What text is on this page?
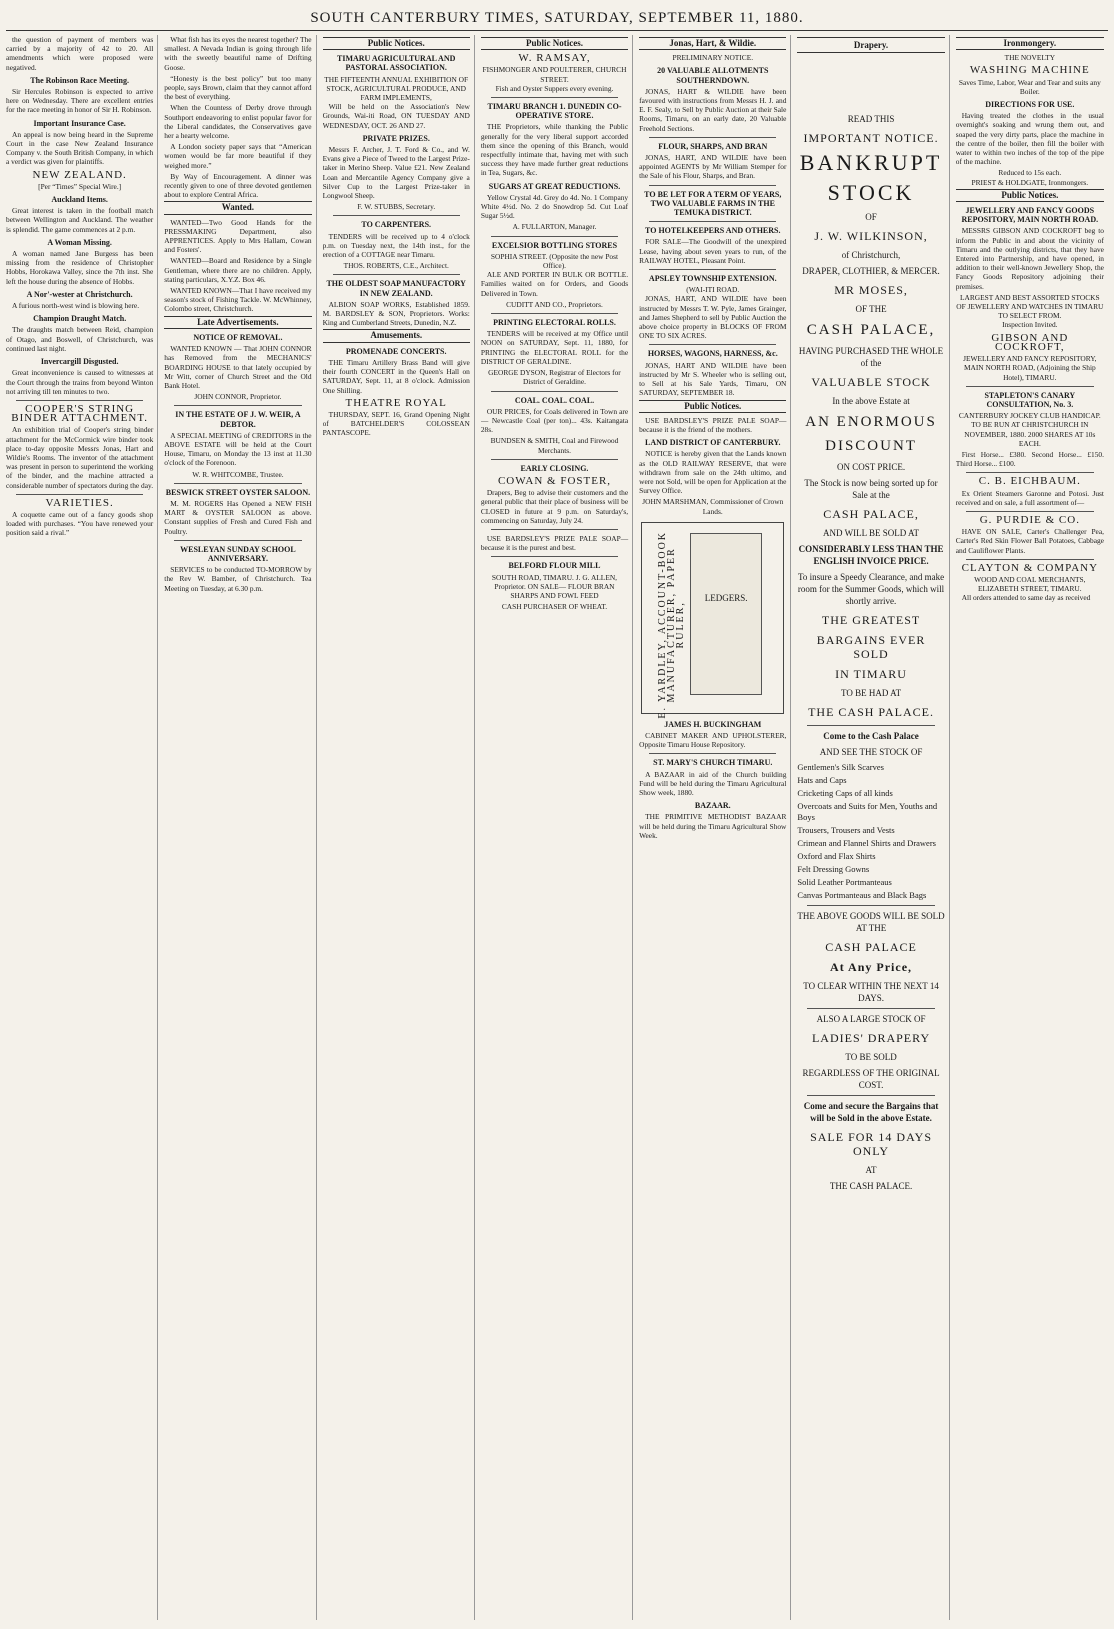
SOUTH CANTERBURY TIMES, SATURDAY, SEPTEMBER 11, 1880.

the question of payment of members was carried by a majority of 42 to 20. All amendments which were proposed were negatived.

The Robinson Race Meeting.

Sir Hercules Robinson is expected to arrive here on Wednesday. There are excellent entries for the race meeting in honor of Sir H. Robinson.

Important Insurance Case.

An appeal is now being heard in the Supreme Court in the case New Zealand Insurance Company v. the South British Company, in which a verdict was given for plaintiffs.

NEW ZEALAND.
[Per “Times” Special Wire.]
Auckland Items.

Great interest is taken in the football match between Wellington and Auckland. The weather is splendid. The game commences at 2 p.m.

A Woman Missing.

A woman named Jane Burgess has been missing from the residence of Christopher Hobbs, Horokawa Valley, since the 7th inst. She left the house during the absence of Hobbs.

A Nor'-wester at Christchurch.

A furious north-west wind is blowing here.

Champion Draught Match.

The draughts match between Reid, champion of Otago, and Boswell, of Christchurch, was continued last night.

Invercargill Disgusted.

Great inconvenience is caused to witnesses at the Court through the trains from beyond Winton not arriving till ten minutes to two.

COOPER'S STRING BINDER ATTACHMENT.

An exhibition trial of Cooper's string binder attachment for the McCormick wire binder took place to-day opposite Messrs Jonas, Hart and Wildie's Rooms. The inventor of the attachment was present in person to superintend the working of the binder, and the machine attracted a considerable number of spectators during the day.

VARIETIES.

A coquette came out of a fancy goods shop loaded with purchases. “You have renewed your position said a rival.”

What fish has its eyes the nearest together? The smallest. A Nevada Indian is going through life with the sweetly beautiful name of Drifting Goose.

“Honesty is the best policy” but too many people, says Brown, claim that they cannot afford the best of everything.

When the Countess of Derby drove through Southport endeavoring to enlist popular favor for the Liberal candidates, the Conservatives gave her a hearty welcome.

A London society paper says that “American women would be far more beautiful if they weighed more.”

By Way of Encouragement. A dinner was recently given to one of three devoted gentlemen about to explore Central Africa.

Wanted.

WANTED—Two Good Hands for the PRESSMAKING Department, also APPRENTICES. Apply to Mrs Hallam, Cowan and Fosters'.

WANTED—Board and Residence by a Single Gentleman, where there are no children. Apply, stating particulars, X.Y.Z. Box 46.

WANTED KNOWN—That I have received my season's stock of Fishing Tackle. W. McWhinney, Colombo street, Christchurch.

Late Advertisements.
NOTICE OF REMOVAL.

WANTED KNOWN — That JOHN CONNOR has Removed from the MECHANICS' BOARDING HOUSE to that lately occupied by Mr Witt, corner of Church Street and the Old Bank Hotel.

JOHN CONNOR, Proprietor.
IN THE ESTATE OF J. W. WEIR, A DEBTOR.

A SPECIAL MEETING of CREDITORS in the ABOVE ESTATE will be held at the Court House, Timaru, on Monday the 13 inst at 11.30 o'clock of the Forenoon.

W. R. WHITCOMBE, Trustee.
BESWICK STREET OYSTER SALOON.

M. M. ROGERS Has Opened a NEW FISH MART & OYSTER SALOON as above. Constant supplies of Fresh and Cured Fish and Poultry.

WESLEYAN SUNDAY SCHOOL ANNIVERSARY.

SERVICES to be conducted TO-MORROW by the Rev W. Bamber, of Christchurch. Tea Meeting on Tuesday, at 6.30 p.m.

Public Notices.
TIMARU AGRICULTURAL AND PASTORAL ASSOCIATION.
THE FIFTEENTH ANNUAL EXHIBITION OF STOCK, AGRICULTURAL PRODUCE, AND FARM IMPLEMENTS,

Will be held on the Association's New Grounds, Wai-iti Road, ON TUESDAY AND WEDNESDAY, OCT. 26 AND 27.

PRIVATE PRIZES.

Messrs F. Archer, J. T. Ford & Co., and W. Evans give a Piece of Tweed to the Largest Prize-taker in Merino Sheep. Value £21. New Zealand Loan and Mercantile Agency Company give a Silver Cup to the Largest Prize-taker in Longwool Sheep.

F. W. STUBBS, Secretary.
TO CARPENTERS.

TENDERS will be received up to 4 o'clock p.m. on Tuesday next, the 14th inst., for the erection of a COTTAGE near Timaru.

THOS. ROBERTS, C.E., Architect.
THE OLDEST SOAP MANUFACTORY IN NEW ZEALAND.

ALBION SOAP WORKS, Established 1859. M. BARDSLEY & SON, Proprietors. Works: King and Cumberland Streets, Dunedin, N.Z.

Amusements.
PROMENADE CONCERTS.

THE Timaru Artillery Brass Band will give their fourth CONCERT in the Queen's Hall on SATURDAY, Sept. 11, at 8 o'clock. Admission One Shilling.

THEATRE ROYAL

THURSDAY, SEPT. 16, Grand Opening Night of BATCHELDER'S COLOSSEAN PANTASCOPE.

Public Notices.
W. RAMSAY,
FISHMONGER AND POULTERER, CHURCH STREET.
Fish and Oyster Suppers every evening.
TIMARU BRANCH 1. DUNEDIN CO-OPERATIVE STORE.

THE Proprietors, while thanking the Public generally for the very liberal support accorded them since the opening of this Branch, would respectfully intimate that, having met with such success they have made further great reductions in Tea, Sugars, &c.

SUGARS AT GREAT REDUCTIONS.

Yellow Crystal 4d. Grey do 4d. No. 1 Company White 4½d. No. 2 do Snowdrop 5d. Cut Loaf Sugar 5½d.

A. FULLARTON, Manager.
EXCELSIOR BOTTLING STORES
SOPHIA STREET. (Opposite the new Post Office).

ALE AND PORTER IN BULK OR BOTTLE. Families waited on for Orders, and Goods Delivered in Town.

CUDITT AND CO., Proprietors.
PRINTING ELECTORAL ROLLS.

TENDERS will be received at my Office until NOON on SATURDAY, Sept. 11, 1880, for PRINTING the ELECTORAL ROLL for the DISTRICT OF GERALDINE.

GEORGE DYSON, Registrar of Electors for District of Geraldine.
COAL. COAL. COAL.

OUR PRICES, for Coals delivered in Town are— Newcastle Coal (per ton)... 43s. Kaitangata 28s.

BUNDSEN & SMITH, Coal and Firewood Merchants.
EARLY CLOSING.
COWAN & FOSTER,

Drapers, Beg to advise their customers and the general public that their place of business will be CLOSED in future at 9 p.m. on Saturday's, commencing on Saturday, July 24.

USE BARDSLEY'S PRIZE PALE SOAP—because it is the purest and best.

BELFORD FLOUR MILL

SOUTH ROAD, TIMARU. J. G. ALLEN, Proprietor. ON SALE— FLOUR BRAN SHARPS AND FOWL FEED

CASH PURCHASER OF WHEAT.
Jonas, Hart, & Wildie.
PRELIMINARY NOTICE.
20 VALUABLE ALLOTMENTS SOUTHERNDOWN.

JONAS, HART & WILDIE have been favoured with instructions from Messrs H. J. and E. F. Sealy, to Sell by Public Auction at their Sale Rooms, Timaru, on an early date, 20 Valuable Freehold Sections.

FLOUR, SHARPS, AND BRAN

JONAS, HART, AND WILDIE have been appointed AGENTS by Mr William Stemper for the Sale of his Flour, Sharps, and Bran.

TO BE LET FOR A TERM OF YEARS, TWO VALUABLE FARMS IN THE TEMUKA DISTRICT.
TO HOTELKEEPERS AND OTHERS.

FOR SALE—The Goodwill of the unexpired Lease, having about seven years to run, of the RAILWAY HOTEL, Pleasant Point.

APSLEY TOWNSHIP EXTENSION.
(WAI-ITI ROAD.

JONAS, HART, AND WILDIE have been instructed by Messrs T. W. Pyle, James Grainger, and James Shepherd to sell by Public Auction the above choice property in BLOCKS OF FROM ONE TO SIX ACRES.

HORSES, WAGONS, HARNESS, &c.

JONAS, HART AND WILDIE have been instructed by Mr S. Wheeler who is selling out, to Sell at his Sale Yards, Timaru, ON SATURDAY, SEPTEMBER 18.

Public Notices.

USE BARDSLEY'S PRIZE PALE SOAP—because it is the friend of the mothers.

LAND DISTRICT OF CANTERBURY.

NOTICE is hereby given that the Lands known as the OLD RAILWAY RESERVE, that were withdrawn from sale on the 24th ultimo, and were not Sold, will be open for Application at the Survey Office.

JOHN MARSHMAN, Commissioner of Crown Lands.
E. YARDLEY, ACCOUNT-BOOK MANUFACTURER, PAPER RULER,
LEDGERS.
JAMES H. BUCKINGHAM

CABINET MAKER AND UPHOLSTERER, Opposite Timaru House Repository.

ST. MARY'S CHURCH TIMARU.

A BAZAAR in aid of the Church building Fund will be held during the Timaru Agricultural Show week, 1880.

BAZAAR.

THE PRIMITIVE METHODIST BAZAAR will be held during the Timaru Agricultural Show Week.

Drapery.
READ THIS
IMPORTANT NOTICE.
BANKRUPT
STOCK
OF
J. W. WILKINSON,
of Christchurch,
DRAPER, CLOTHIER, & MERCER.
MR MOSES,
OF THE
CASH PALACE,
HAVING PURCHASED THE WHOLE of the
VALUABLE STOCK
In the above Estate at
AN ENORMOUS
DISCOUNT
ON COST PRICE.
The Stock is now being sorted up for Sale at the
CASH PALACE,
AND WILL BE SOLD AT
CONSIDERABLY LESS THAN THE ENGLISH INVOICE PRICE.
To insure a Speedy Clearance, and make room for the Summer Goods, which will shortly arrive.
THE GREATEST
BARGAINS EVER SOLD
IN TIMARU
TO BE HAD AT
THE CASH PALACE.
Come to the Cash Palace
AND SEE THE STOCK OF
Gentlemen's Silk Scarves
Hats and Caps
Cricketing Caps of all kinds
Overcoats and Suits for Men, Youths and Boys
Trousers, Trousers and Vests
Crimean and Flannel Shirts and Drawers
Oxford and Flax Shirts
Felt Dressing Gowns
Solid Leather Portmanteaus
Canvas Portmanteaus and Black Bags
THE ABOVE GOODS WILL BE SOLD AT THE
CASH PALACE
At Any Price,
TO CLEAR WITHIN THE NEXT 14 DAYS.
ALSO A LARGE STOCK OF
LADIES' DRAPERY
TO BE SOLD
REGARDLESS OF THE ORIGINAL COST.
Come and secure the Bargains that will be Sold in the above Estate.
SALE FOR 14 DAYS ONLY
AT
THE CASH PALACE.
Ironmongery.
THE NOVELTY
WASHING MACHINE
Saves Time, Labor, Wear and Tear and suits any Boiler.
DIRECTIONS FOR USE.

Having treated the clothes in the usual overnight's soaking and wrung them out, and soaped the very dirty parts, place the machine in the centre of the boiler, then fill the boiler with water to within two inches of the top of the pipe of the machine.

Reduced to 15s each.
PRIEST & HOLDGATE, Ironmongers.
Public Notices.
JEWELLERY AND FANCY GOODS REPOSITORY, MAIN NORTH ROAD.

MESSRS GIBSON AND COCKROFT beg to inform the Public in and about the vicinity of Timaru and the outlying districts, that they have Entered into Partnership, and have opened, in addition to their well-known Jewellery Shop, the Fancy Goods Repository adjoining their premises.

LARGEST AND BEST ASSORTED STOCKS OF JEWELLERY AND WATCHES IN TIMARU TO SELECT FROM.
Inspection Invited.
GIBSON AND COCKROFT,
JEWELLERY AND FANCY REPOSITORY, MAIN NORTH ROAD, (Adjoining the Ship Hotel), TIMARU.
STAPLETON'S CANARY CONSULTATION, No. 3.

CANTERBURY JOCKEY CLUB HANDICAP. TO BE RUN AT CHRISTCHURCH IN NOVEMBER, 1880. 2000 SHARES AT 10s EACH.

First Horse... £380. Second Horse... £150. Third Horse... £100.

C. B. EICHBAUM.

Ex Orient Steamers Garonne and Potosi. Just received and on sale, a full assortment of—

G. PURDIE & CO.

HAVE ON SALE, Carter's Challenger Pea, Carter's Red Skin Flower Ball Potatoes, Cabbage and Cauliflower Plants.

CLAYTON & COMPANY
WOOD AND COAL MERCHANTS, ELIZABETH STREET, TIMARU.

All orders attended to same day as received
